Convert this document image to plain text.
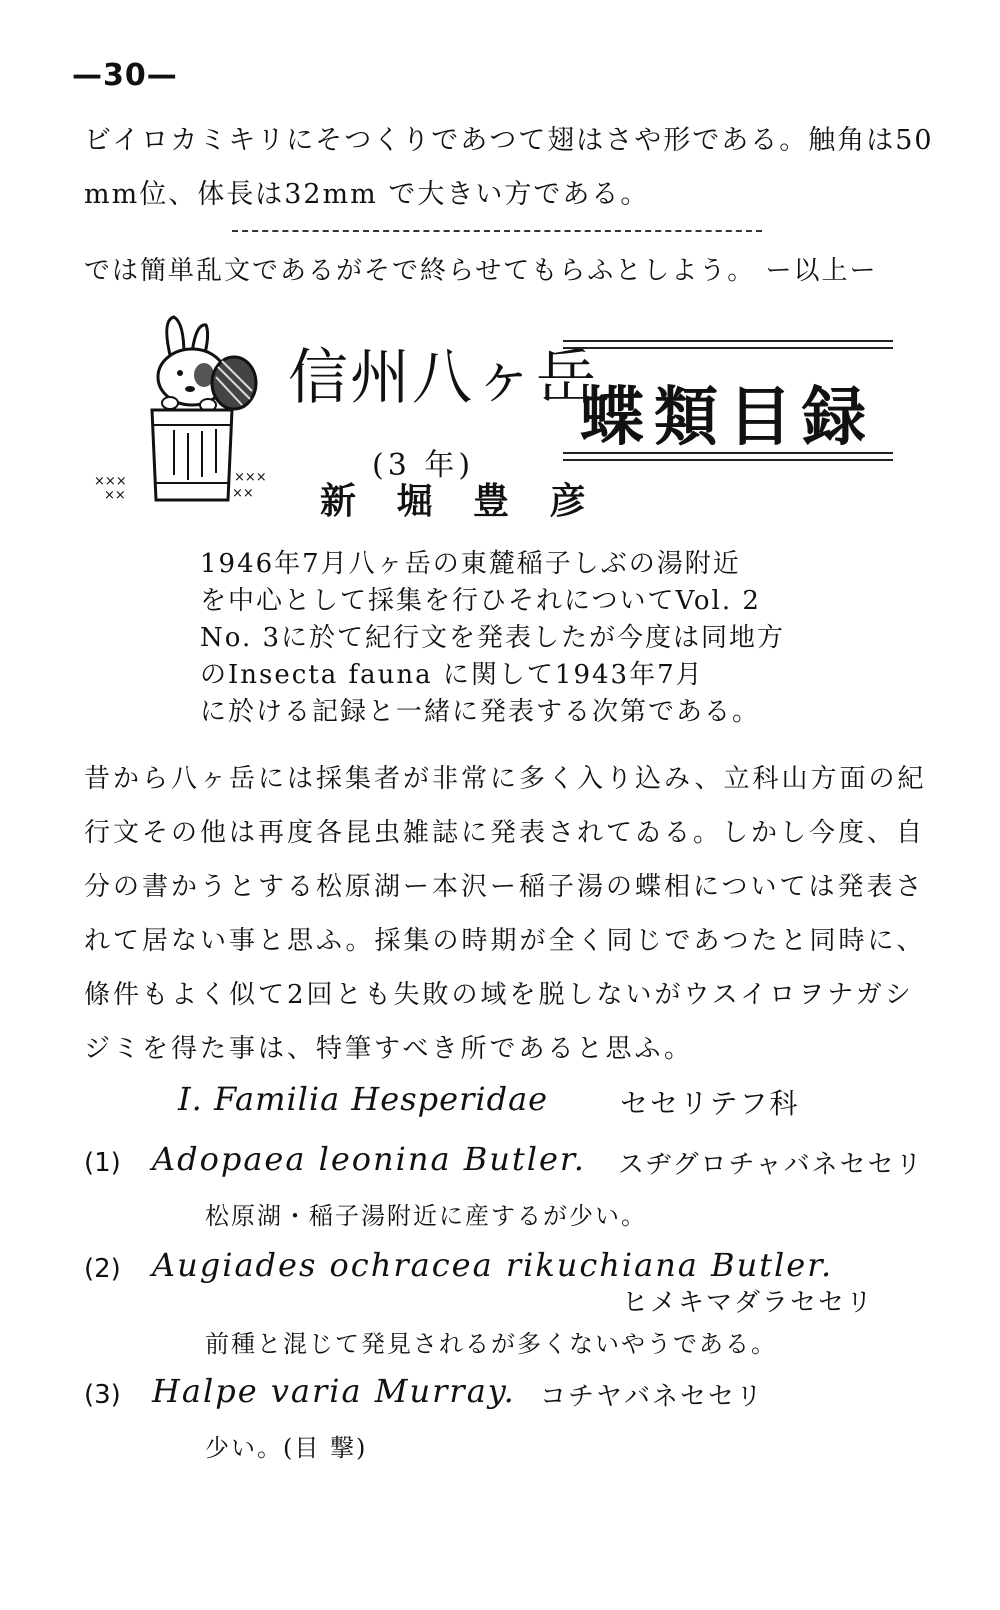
—30—
ビイロカミキリにそつくりであつて翅はさや形である。触角は50
mm位、体長は32mm で大きい方である。
では簡単乱文であるがそで終らせてもらふとしよう。 ー以上ー
×××
××
×××
××
信州八ヶ岳
蝶類目録
(3 年)
新 堀 豊 彦
1946年7月八ヶ岳の東麓稲子しぶの湯附近
を中心として採集を行ひそれについてVol. 2
No. 3に於て紀行文を発表したが今度は同地方
のInsecta fauna に関して1943年7月
に於ける記録と一緒に発表する次第である。
昔から八ヶ岳には採集者が非常に多く入り込み、立科山方面の紀
行文その他は再度各昆虫雑誌に発表されてゐる。しかし今度、自
分の書かうとする松原湖ー本沢ー稲子湯の蝶相については発表さ
れて居ない事と思ふ。採集の時期が全く同じであつたと同時に、
條件もよく似て2回とも失敗の域を脱しないがウスイロヲナガシ
ジミを得た事は、特筆すべき所であると思ふ。
I. Familia Hesperidae	セセリテフ科
(1) Adopaea leonina Butler. スヂグロチャバネセセリ
松原湖・稲子湯附近に産するが少い。
(2) Augiades ochracea rikuchiana Butler.
ヒメキマダラセセリ
前種と混じて発見されるが多くないやうである。
(3) Halpe varia Murray. コチヤバネセセリ
少い。(目 撃)
